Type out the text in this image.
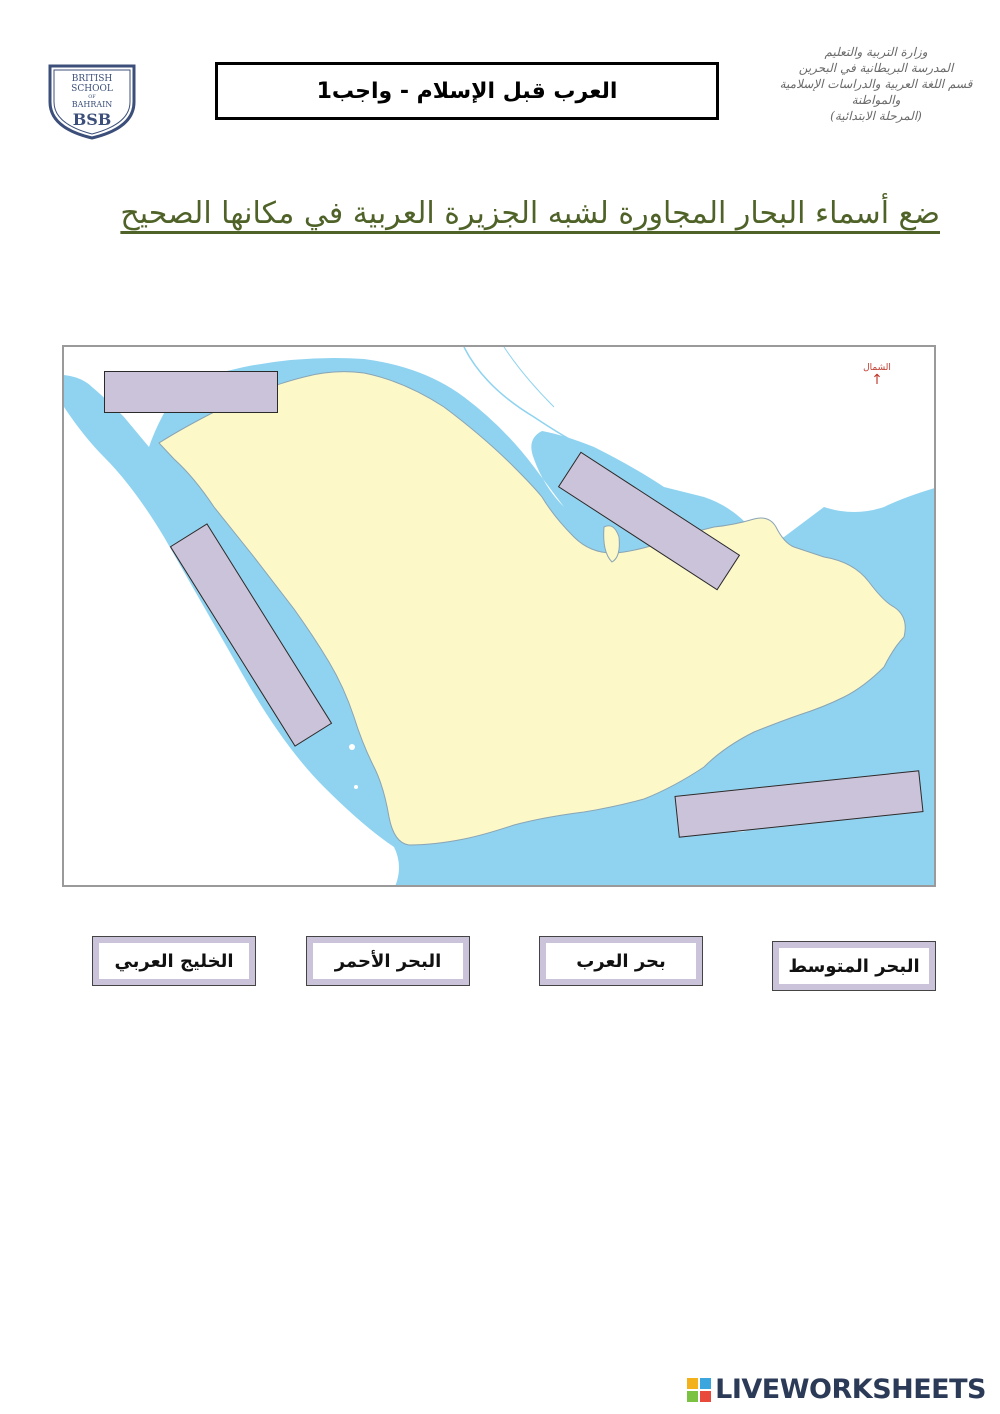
BRITISH
SCHOOL
OF
BAHRAIN
BSB
العرب قبل الإسلام - واجب1
وزارة التربية والتعليم
المدرسة البريطانية في البحرين
قسم اللغة العربية والدراسات الإسلامية والمواطنة
(المرحلة الابتدائية)
ضع أسماء البحار المجاورة لشبه الجزيرة العربية في مكانها الصحيح
الشمال
↑
الخليج العربي	البحر الأحمر	بحر العرب	البحر المتوسط
LIVEWORKSHEETS
